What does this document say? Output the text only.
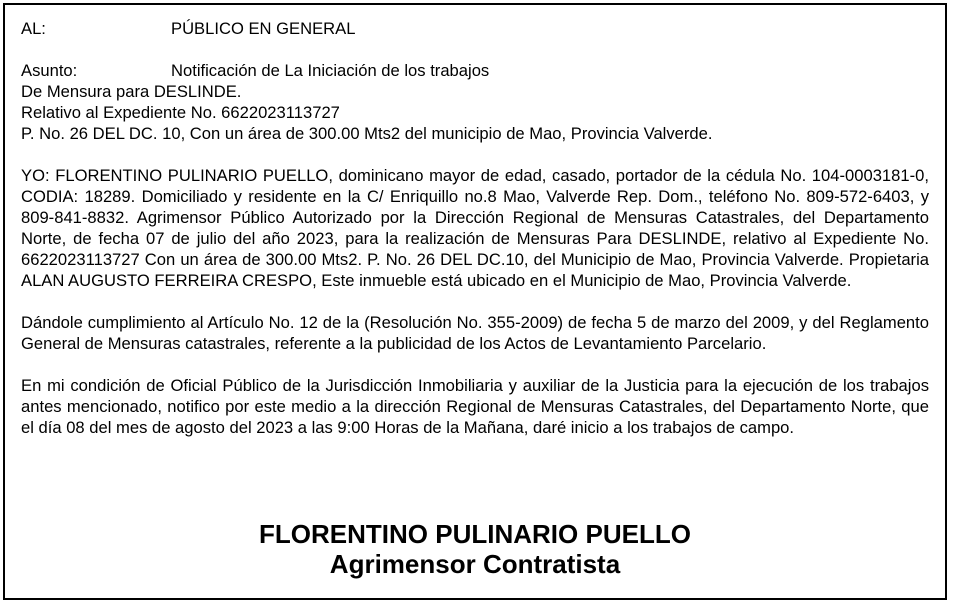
AL:	PÚBLICO EN GENERAL
Asunto:	Notificación de La Iniciación de los trabajos
De Mensura para DESLINDE.
Relativo al Expediente No. 6622023113727
P. No. 26 DEL DC. 10, Con un área de 300.00 Mts2 del municipio de Mao, Provincia Valverde.
YO: FLORENTINO PULINARIO PUELLO, dominicano mayor de edad, casado, portador de la cédula No. 104-0003181-0, CODIA: 18289. Domiciliado y residente en la C/ Enriquillo no.8 Mao, Valverde Rep. Dom., teléfono No. 809-572-6403, y 809-841-8832. Agrimensor Público Autorizado por la Dirección Regional de Mensuras Catastrales, del Departamento Norte, de fecha 07 de julio del año 2023, para la realización de Mensuras Para DESLINDE, relativo al Expediente No. 6622023113727 Con un área de 300.00 Mts2. P. No. 26 DEL DC.10, del Municipio de Mao, Provincia Valverde. Propietaria ALAN AUGUSTO FERREIRA CRESPO, Este inmueble está ubicado en el Municipio de Mao, Provincia Valverde.
Dándole cumplimiento al Artículo No. 12 de la (Resolución No. 355-2009) de fecha 5 de marzo del 2009, y del Reglamento General de Mensuras catastrales, referente a la publicidad de los Actos de Levantamiento Parcelario.
En mi condición de Oficial Público de la Jurisdicción Inmobiliaria y auxiliar de la Justicia para la ejecución de los trabajos antes mencionado, notifico por este medio a la dirección Regional de Mensuras Catastrales, del Departamento Norte, que el día 08 del mes de agosto del 2023 a las 9:00 Horas de la Mañana, daré inicio a los trabajos de campo.
FLORENTINO PULINARIO PUELLO
Agrimensor Contratista
